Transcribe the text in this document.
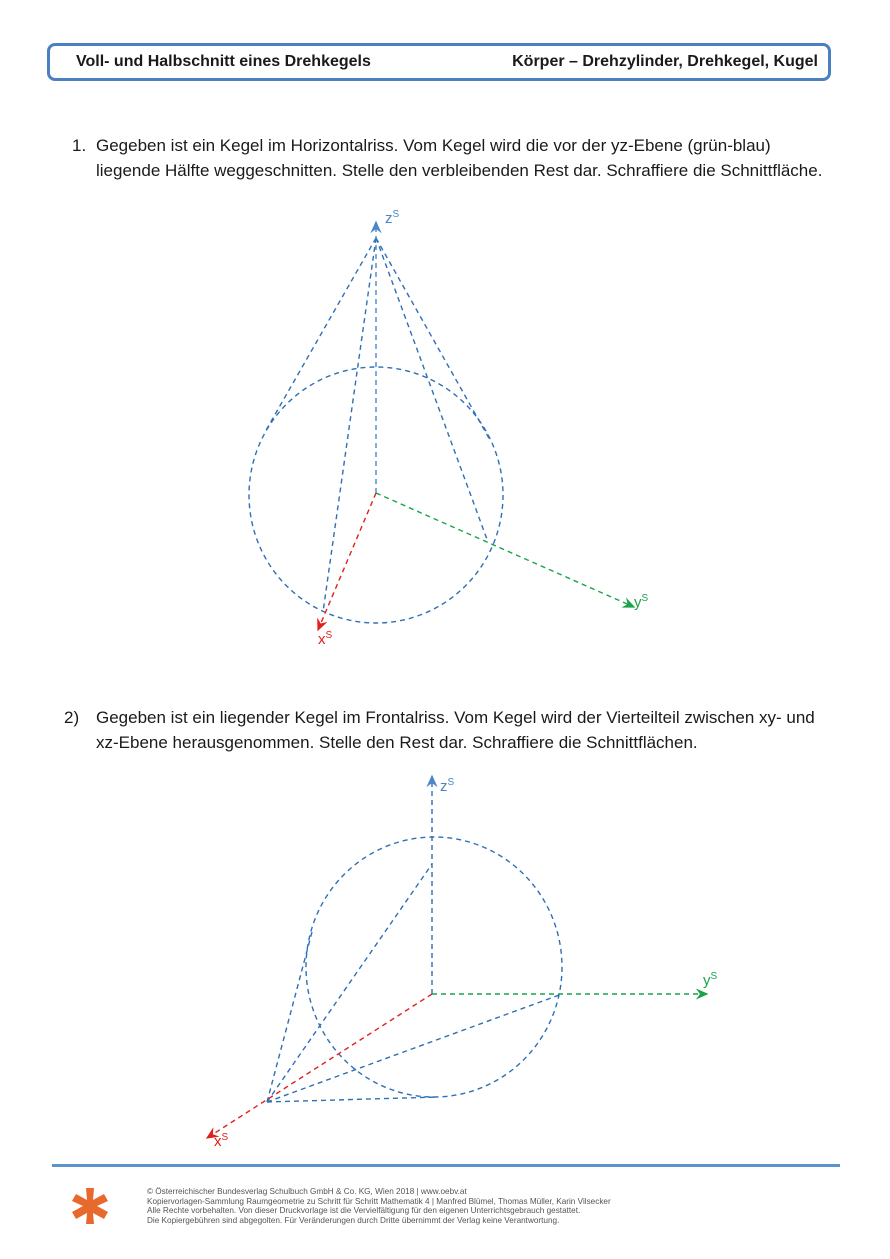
Voll- und Halbschnitt eines Drehkegels	Körper – Drehzylinder, Drehkegel, Kugel
1. Gegeben ist ein Kegel im Horizontalriss. Vom Kegel wird die vor der yz-Ebene (grün-blau) liegende Hälfte weggeschnitten. Stelle den verbleibenden Rest dar. Schraffiere die Schnittfläche.
$z^S$
$y^S$
$x^S$
2) Gegeben ist ein liegender Kegel im Frontalriss. Vom Kegel wird der Vierteilteil zwischen xy- und xz-Ebene herausgenommen. Stelle den Rest dar. Schraffiere die Schnittflächen.
$z^S$
$y^S$
$x^S$
© Österreichischer Bundesverlag Schulbuch GmbH & Co. KG, Wien 2018 | www.oebv.at
Kopiervorlagen-Sammlung Raumgeometrie zu Schritt für Schritt Mathematik 4 | Manfred Blümel, Thomas Müller, Karin Vilsecker
Alle Rechte vorbehalten. Von dieser Druckvorlage ist die Vervielfältigung für den eigenen Unterrichtsgebrauch gestattet.
Die Kopiergebühren sind abgegolten. Für Veränderungen durch Dritte übernimmt der Verlag keine Verantwortung.
